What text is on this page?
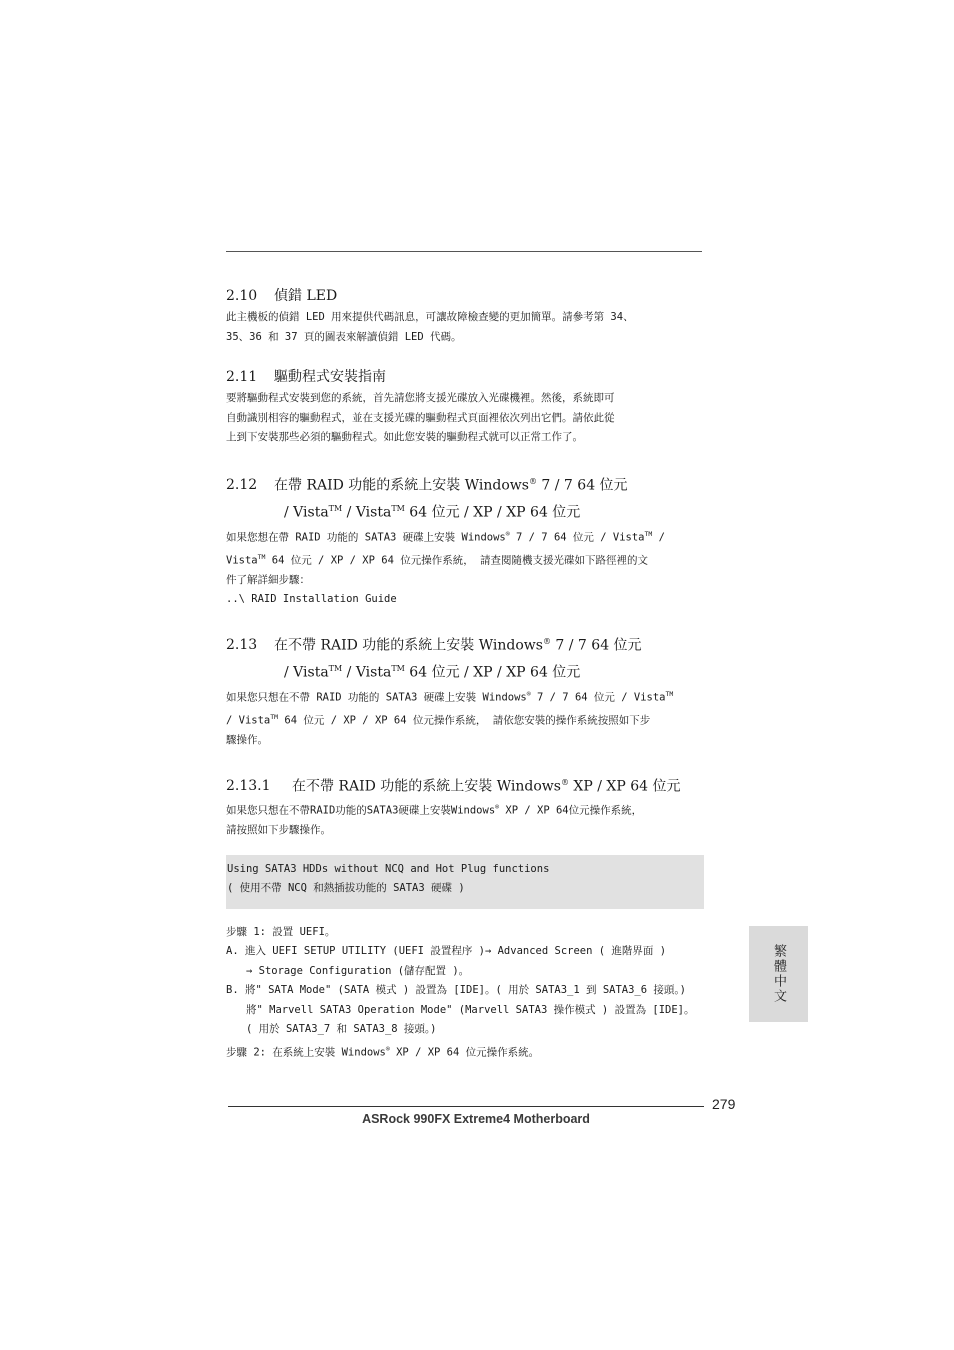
2.10 偵錯 LED

此主機板的偵錯 LED 用來提供代碼訊息，可讓故障檢查變的更加簡單。請參考第 34、

35、36 和 37 頁的圖表來解讀偵錯 LED 代碼。

2.11 驅動程式安裝指南

要將驅動程式安裝到您的系統，首先請您將支援光碟放入光碟機裡。然後，系統即可

自動識別相容的驅動程式，並在支援光碟的驅動程式頁面裡依次列出它們。請依此從

上到下安裝那些必須的驅動程式。如此您安裝的驅動程式就可以正常工作了。

2.12 在帶 RAID 功能的系統上安裝 Windows® 7 / 7 64 位元
/ Vista™ / Vista™ 64 位元 / XP / XP 64 位元

如果您想在帶 RAID 功能的 SATA3 硬碟上安裝 Windows® 7 / 7 64 位元 / Vista™ /

Vista™ 64 位元 / XP / XP 64 位元操作系統， 請查閱隨機支援光碟如下路徑裡的文

件了解詳細步驟：

..\ RAID Installation Guide

2.13 在不帶 RAID 功能的系統上安裝 Windows® 7 / 7 64 位元
/ Vista™ / Vista™ 64 位元 / XP / XP 64 位元

如果您只想在不帶 RAID 功能的 SATA3 硬碟上安裝 Windows® 7 / 7 64 位元 / Vista™

/ Vista™ 64 位元 / XP / XP 64 位元操作系統， 請依您安裝的操作系統按照如下步

驟操作。

2.13.1 在不帶 RAID 功能的系統上安裝 Windows® XP / XP 64 位元

如果您只想在不帶RAID功能的SATA3硬碟上安裝Windows® XP / XP 64位元操作系統，

請按照如下步驟操作。

Using SATA3 HDDs without NCQ and Hot Plug functions

( 使用不帶 NCQ 和熱插拔功能的 SATA3 硬碟 )

步驟 1: 設置 UEFI。

A. 進入 UEFI SETUP UTILITY (UEFI 設置程序 )→ Advanced Screen ( 進階界面 )

→ Storage Configuration (儲存配置 )。

B. 將" SATA Mode" (SATA 模式 ) 設置為 [IDE]。( 用於 SATA3_1 到 SATA3_6 接頭。)

將" Marvell SATA3 Operation Mode" (Marvell SATA3 操作模式 ) 設置為 [IDE]。

( 用於 SATA3_7 和 SATA3_8 接頭。)

步驟 2: 在系統上安裝 Windows® XP / XP 64 位元操作系統。

繁體中文
279
ASRock 990FX Extreme4 Motherboard
